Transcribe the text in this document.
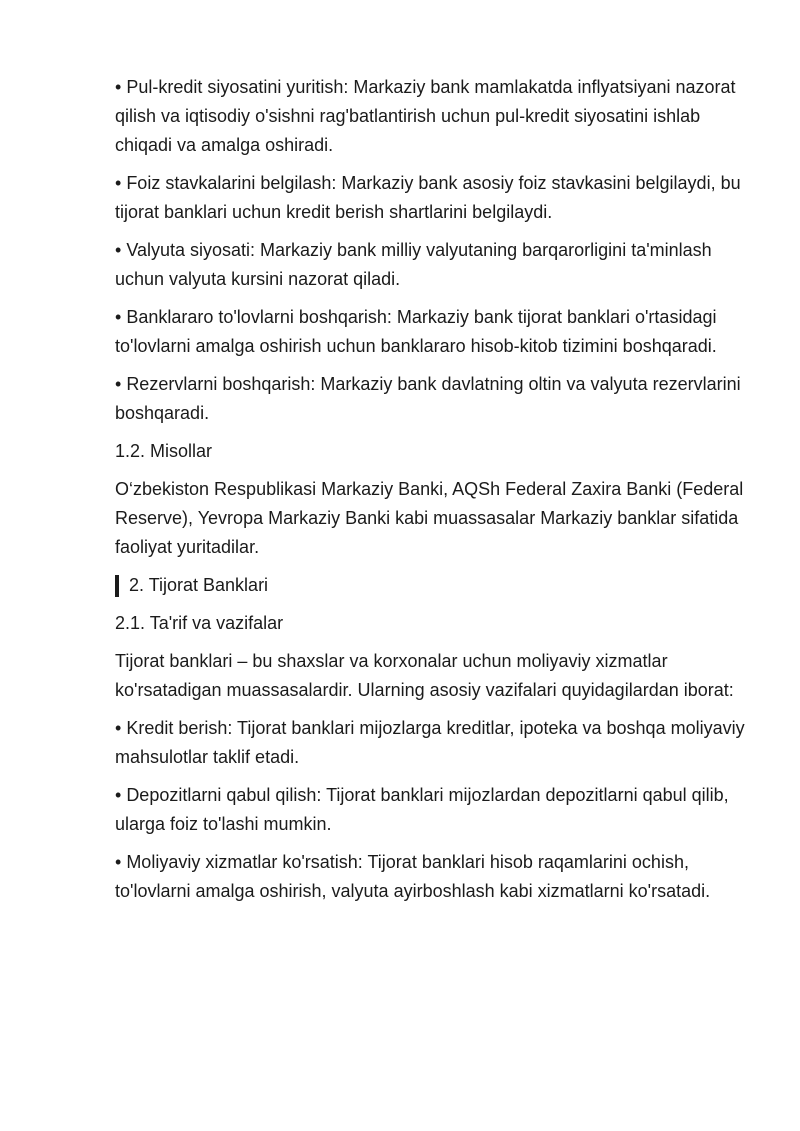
• Pul-kredit siyosatini yuritish: Markaziy bank mamlakatda inflyatsiyani nazorat qilish va iqtisodiy o'sishni rag'batlantirish uchun pul-kredit siyosatini ishlab chiqadi va amalga oshiradi.

• Foiz stavkalarini belgilash: Markaziy bank asosiy foiz stavkasini belgilaydi, bu tijorat banklari uchun kredit berish shartlarini belgilaydi.

• Valyuta siyosati: Markaziy bank milliy valyutaning barqarorligini ta'minlash uchun valyuta kursini nazorat qiladi.

• Banklararo to'lovlarni boshqarish: Markaziy bank tijorat banklari o'rtasidagi to'lovlarni amalga oshirish uchun banklararo hisob-kitob tizimini boshqaradi.

• Rezervlarni boshqarish: Markaziy bank davlatning oltin va valyuta rezervlarini boshqaradi.

1.2. Misollar

O‘zbekiston Respublikasi Markaziy Banki, AQSh Federal Zaxira Banki (Federal Reserve), Yevropa Markaziy Banki kabi muassasalar Markaziy banklar sifatida faoliyat yuritadilar.

2. Tijorat Banklari

2.1. Ta'rif va vazifalar

Tijorat banklari – bu shaxslar va korxonalar uchun moliyaviy xizmatlar ko'rsatadigan muassasalardir. Ularning asosiy vazifalari quyidagilardan iborat:

• Kredit berish: Tijorat banklari mijozlarga kreditlar, ipoteka va boshqa moliyaviy mahsulotlar taklif etadi.

• Depozitlarni qabul qilish: Tijorat banklari mijozlardan depozitlarni qabul qilib, ularga foiz to'lashi mumkin.

• Moliyaviy xizmatlar ko'rsatish: Tijorat banklari hisob raqamlarini ochish, to'lovlarni amalga oshirish, valyuta ayirboshlash kabi xizmatlarni ko'rsatadi.
